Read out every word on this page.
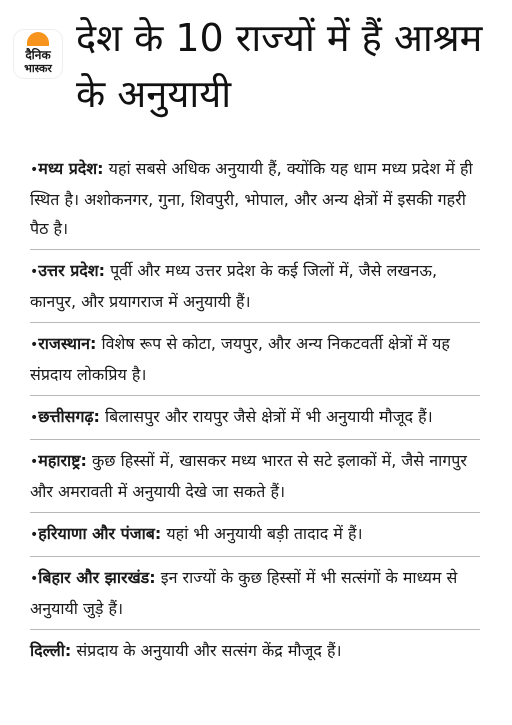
दैनिक
भास्कर
देश के 10 राज्यों में हैं आश्रम के अनुयायी
•मध्य प्रदेश: यहां सबसे अधिक अनुयायी हैं, क्योंकि यह धाम मध्य प्रदेश में ही स्थित है। अशोकनगर, गुना, शिवपुरी, भोपाल, और अन्य क्षेत्रों में इसकी गहरी पैठ है।
•उत्तर प्रदेश: पूर्वी और मध्य उत्तर प्रदेश के कई जिलों में, जैसे लखनऊ, कानपुर, और प्रयागराज में अनुयायी हैं।
•राजस्थान: विशेष रूप से कोटा, जयपुर, और अन्य निकटवर्ती क्षेत्रों में यह संप्रदाय लोकप्रिय है।
•छत्तीसगढ़: बिलासपुर और रायपुर जैसे क्षेत्रों में भी अनुयायी मौजूद हैं।
•महाराष्ट्र: कुछ हिस्सों में, खासकर मध्य भारत से सटे इलाकों में, जैसे नागपुर और अमरावती में अनुयायी देखे जा सकते हैं।
•हरियाणा और पंजाब: यहां भी अनुयायी बड़ी तादाद में हैं।
•बिहार और झारखंड: इन राज्यों के कुछ हिस्सों में भी सत्संगों के माध्यम से अनुयायी जुड़े हैं।
दिल्ली: संप्रदाय के अनुयायी और सत्संग केंद्र मौजूद हैं।
